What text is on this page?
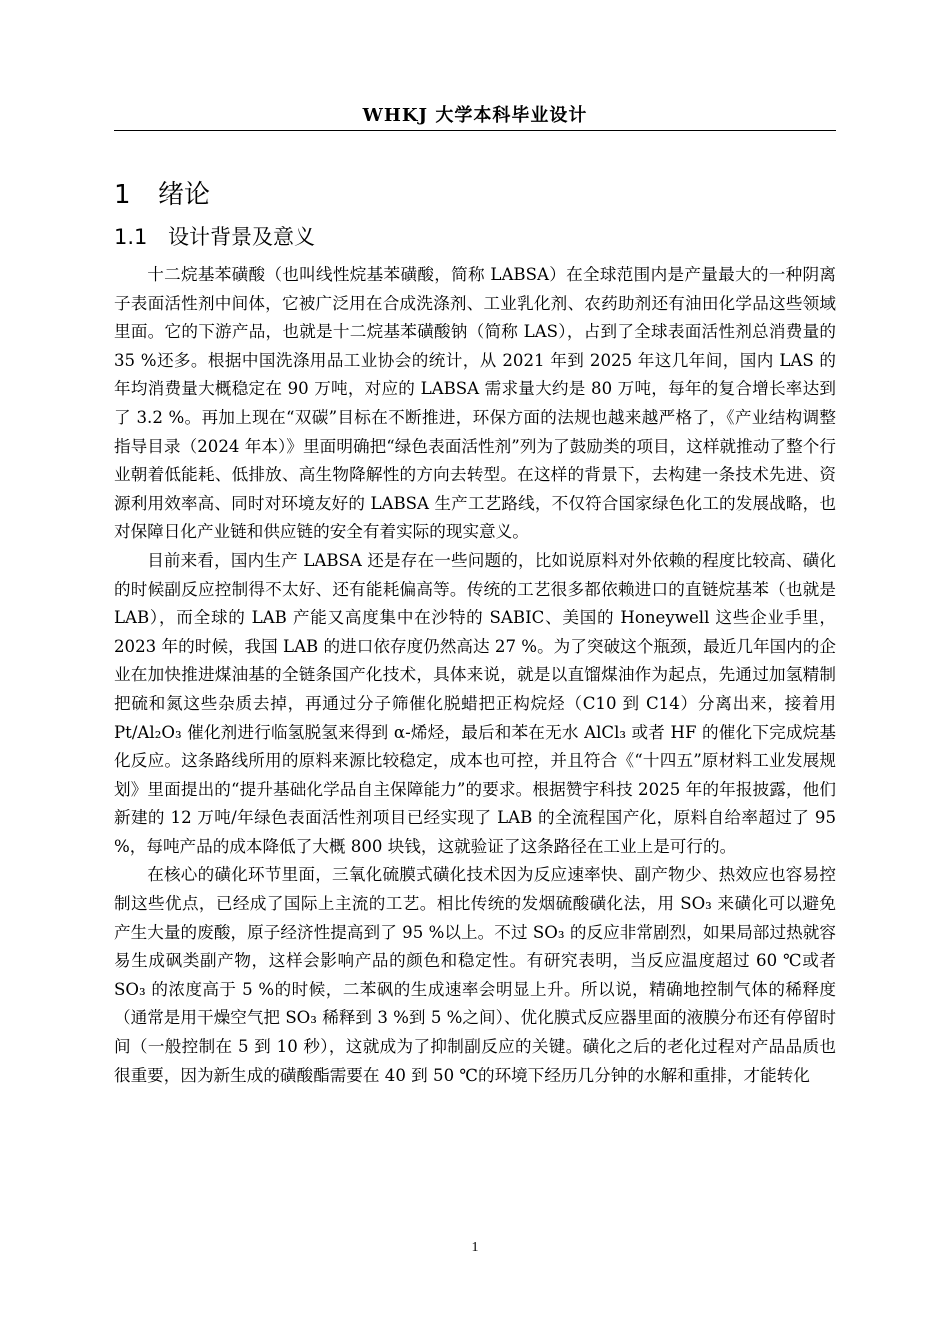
WHKJ 大学本科毕业设计
1 绪论
1.1 设计背景及意义

十二烷基苯磺酸（也叫线性烷基苯磺酸，简称 LABSA）在全球范围内是产量最大的一种阴离子表面活性剂中间体，它被广泛用在合成洗涤剂、工业乳化剂、农药助剂还有油田化学品这些领域里面。它的下游产品，也就是十二烷基苯磺酸钠（简称 LAS），占到了全球表面活性剂总消费量的 35 %还多。根据中国洗涤用品工业协会的统计，从 2021 年到 2025 年这几年间，国内 LAS 的年均消费量大概稳定在 90 万吨，对应的 LABSA 需求量大约是 80 万吨，每年的复合增长率达到了 3.2 %。再加上现在“双碳”目标在不断推进，环保方面的法规也越来越严格了，《产业结构调整指导目录（2024 年本）》里面明确把“绿色表面活性剂”列为了鼓励类的项目，这样就推动了整个行业朝着低能耗、低排放、高生物降解性的方向去转型。在这样的背景下，去构建一条技术先进、资源利用效率高、同时对环境友好的 LABSA 生产工艺路线，不仅符合国家绿色化工的发展战略，也对保障日化产业链和供应链的安全有着实际的现实意义。

目前来看，国内生产 LABSA 还是存在一些问题的，比如说原料对外依赖的程度比较高、磺化的时候副反应控制得不太好、还有能耗偏高等。传统的工艺很多都依赖进口的直链烷基苯（也就是 LAB），而全球的 LAB 产能又高度集中在沙特的 SABIC、美国的 Honeywell 这些企业手里，2023 年的时候，我国 LAB 的进口依存度仍然高达 27 %。为了突破这个瓶颈，最近几年国内的企业在加快推进煤油基的全链条国产化技术，具体来说，就是以直馏煤油作为起点，先通过加氢精制把硫和氮这些杂质去掉，再通过分子筛催化脱蜡把正构烷烃（C10 到 C14）分离出来，接着用 Pt/Al₂O₃ 催化剂进行临氢脱氢来得到 α-烯烃，最后和苯在无水 AlCl₃ 或者 HF 的催化下完成烷基化反应。这条路线所用的原料来源比较稳定，成本也可控，并且符合《“十四五”原材料工业发展规划》里面提出的“提升基础化学品自主保障能力”的要求。根据赞宇科技 2025 年的年报披露，他们新建的 12 万吨/年绿色表面活性剂项目已经实现了 LAB 的全流程国产化，原料自给率超过了 95 %，每吨产品的成本降低了大概 800 块钱，这就验证了这条路径在工业上是可行的。

在核心的磺化环节里面，三氧化硫膜式磺化技术因为反应速率快、副产物少、热效应也容易控制这些优点，已经成了国际上主流的工艺。相比传统的发烟硫酸磺化法，用 SO₃ 来磺化可以避免产生大量的废酸，原子经济性提高到了 95 %以上。不过 SO₃ 的反应非常剧烈，如果局部过热就容易生成砜类副产物，这样会影响产品的颜色和稳定性。有研究表明，当反应温度超过 60 ℃或者 SO₃ 的浓度高于 5 %的时候，二苯砜的生成速率会明显上升。所以说，精确地控制气体的稀释度（通常是用干燥空气把 SO₃ 稀释到 3 %到 5 %之间）、优化膜式反应器里面的液膜分布还有停留时间（一般控制在 5 到 10 秒），这就成为了抑制副反应的关键。磺化之后的老化过程对产品品质也很重要，因为新生成的磺酸酯需要在 40 到 50 ℃的环境下经历几分钟的水解和重排，才能转化

1
